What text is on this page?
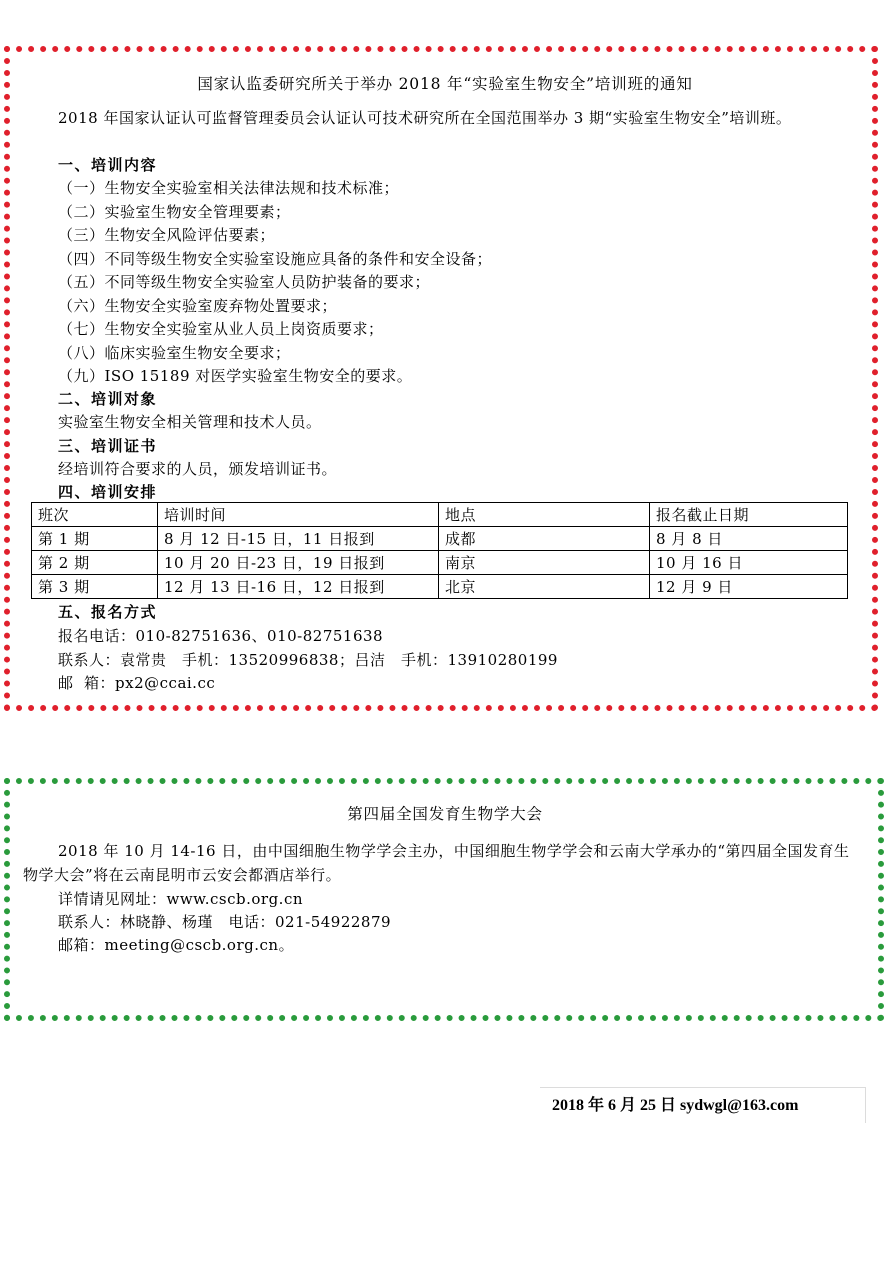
国家认监委研究所关于举办 2018 年“实验室生物安全”培训班的通知
2018 年国家认证认可监督管理委员会认证认可技术研究所在全国范围举办 3 期“实验室生物安全”培训班。
一、培训内容
（一）生物安全实验室相关法律法规和技术标准；
（二）实验室生物安全管理要素；
（三）生物安全风险评估要素；
（四）不同等级生物安全实验室设施应具备的条件和安全设备；
（五）不同等级生物安全实验室人员防护装备的要求；
（六）生物安全实验室废弃物处置要求；
（七）生物安全实验室从业人员上岗资质要求；
（八）临床实验室生物安全要求；
（九）ISO 15189 对医学实验室生物安全的要求。
二、培训对象
实验室生物安全相关管理和技术人员。
三、培训证书
经培训符合要求的人员，颁发培训证书。
四、培训安排
班次	培训时间	地点	报名截止日期
第 1 期	8 月 12 日-15 日，11 日报到	成都	8 月 8 日
第 2 期	10 月 20 日-23 日，19 日报到	南京	10 月 16 日
第 3 期	12 月 13 日-16 日，12 日报到	北京	12 月 9 日
五、报名方式
报名电话：010-82751636、010-82751638
联系人：袁常贵　手机：13520996838；吕洁　手机：13910280199
邮  箱：px2@ccai.cc
第四届全国发育生物学大会
2018 年 10 月 14-16 日，由中国细胞生物学学会主办，中国细胞生物学学会和云南大学承办的“第四届全国发育生物学大会”将在云南昆明市云安会都酒店举行。
详情请见网址：www.cscb.org.cn
联系人：林晓静、杨瑾　电话：021-54922879
邮箱：meeting@cscb.org.cn。
2018 年 6 月 25 日 sydwgl@163.com
